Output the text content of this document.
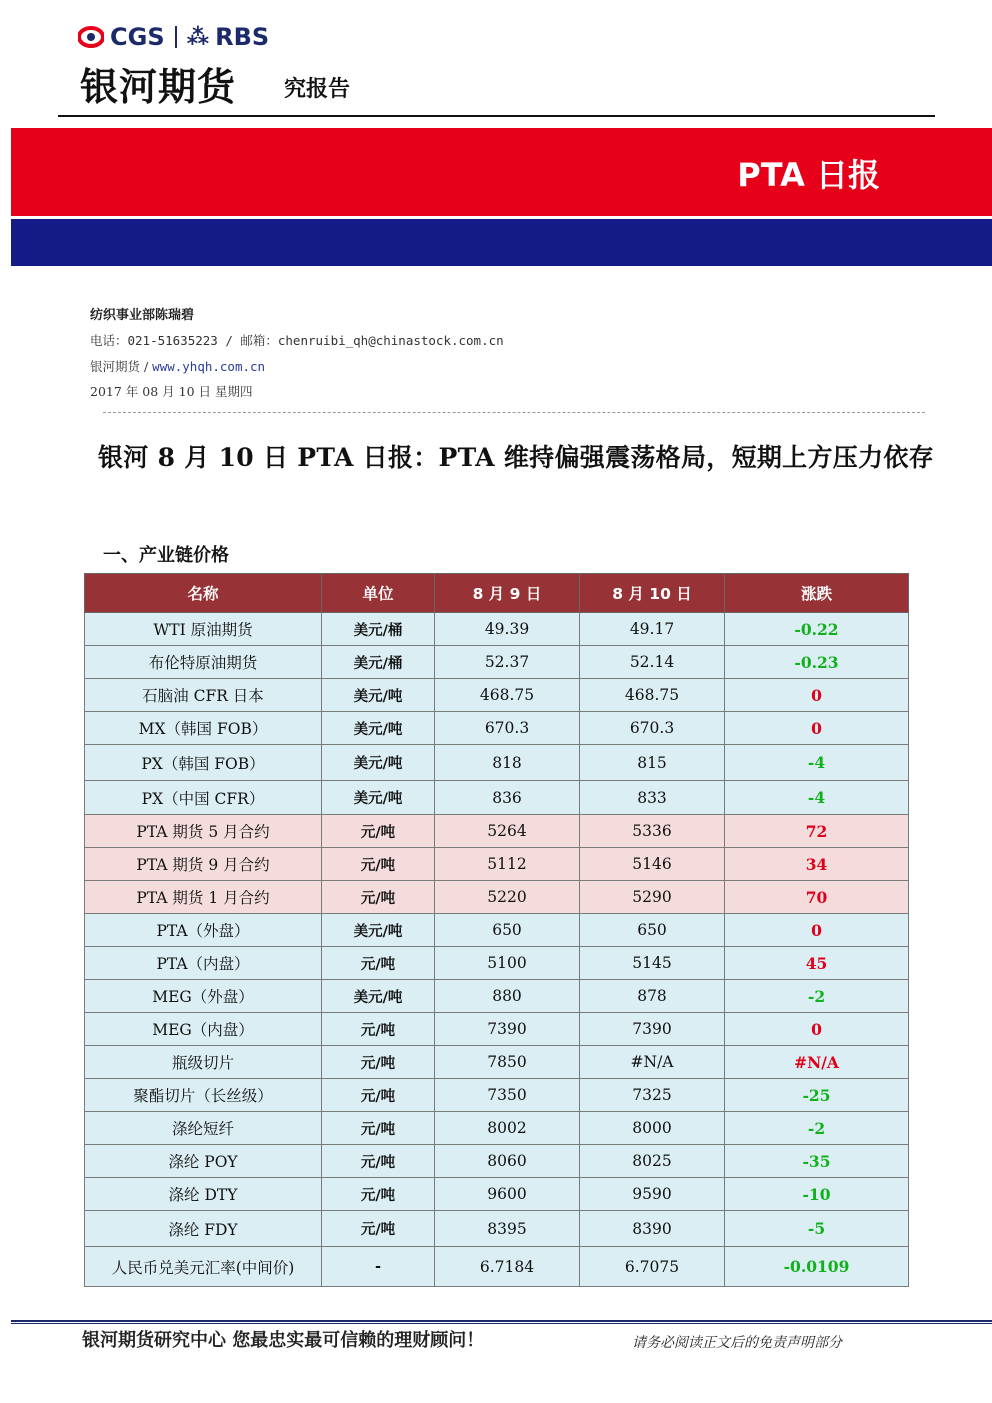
CGS ⁂ RBS
银河期货 究报告
PTA 日报
纺织事业部陈瑞碧
电话：021-51635223 / 邮箱：chenruibi_qh@chinastock.com.cn
银河期货 / www.yhqh.com.cn
2017 年 08 月 10 日 星期四
银河 8 月 10 日 PTA 日报：PTA 维持偏强震荡格局，短期上方压力依存
一、产业链价格
名称	单位	8 月 9 日	8 月 10 日	涨跌
WTI 原油期货	美元/桶	49.39	49.17	-0.22
布伦特原油期货	美元/桶	52.37	52.14	-0.23
石脑油 CFR 日本	美元/吨	468.75	468.75	0
MX（韩国 FOB）	美元/吨	670.3	670.3	0
PX（韩国 FOB）	美元/吨	818	815	-4
PX（中国 CFR）	美元/吨	836	833	-4
PTA 期货 5 月合约	元/吨	5264	5336	72
PTA 期货 9 月合约	元/吨	5112	5146	34
PTA 期货 1 月合约	元/吨	5220	5290	70
PTA（外盘）	美元/吨	650	650	0
PTA（内盘）	元/吨	5100	5145	45
MEG（外盘）	美元/吨	880	878	-2
MEG（内盘）	元/吨	7390	7390	0
瓶级切片	元/吨	7850	#N/A	#N/A
聚酯切片（长丝级）	元/吨	7350	7325	-25
涤纶短纤	元/吨	8002	8000	-2
涤纶 POY	元/吨	8060	8025	-35
涤纶 DTY	元/吨	9600	9590	-10
涤纶 FDY	元/吨	8395	8390	-5
人民币兑美元汇率(中间价)	-	6.7184	6.7075	-0.0109
银河期货研究中心 您最忠实最可信赖的理财顾问！	请务必阅读正文后的免责声明部分
